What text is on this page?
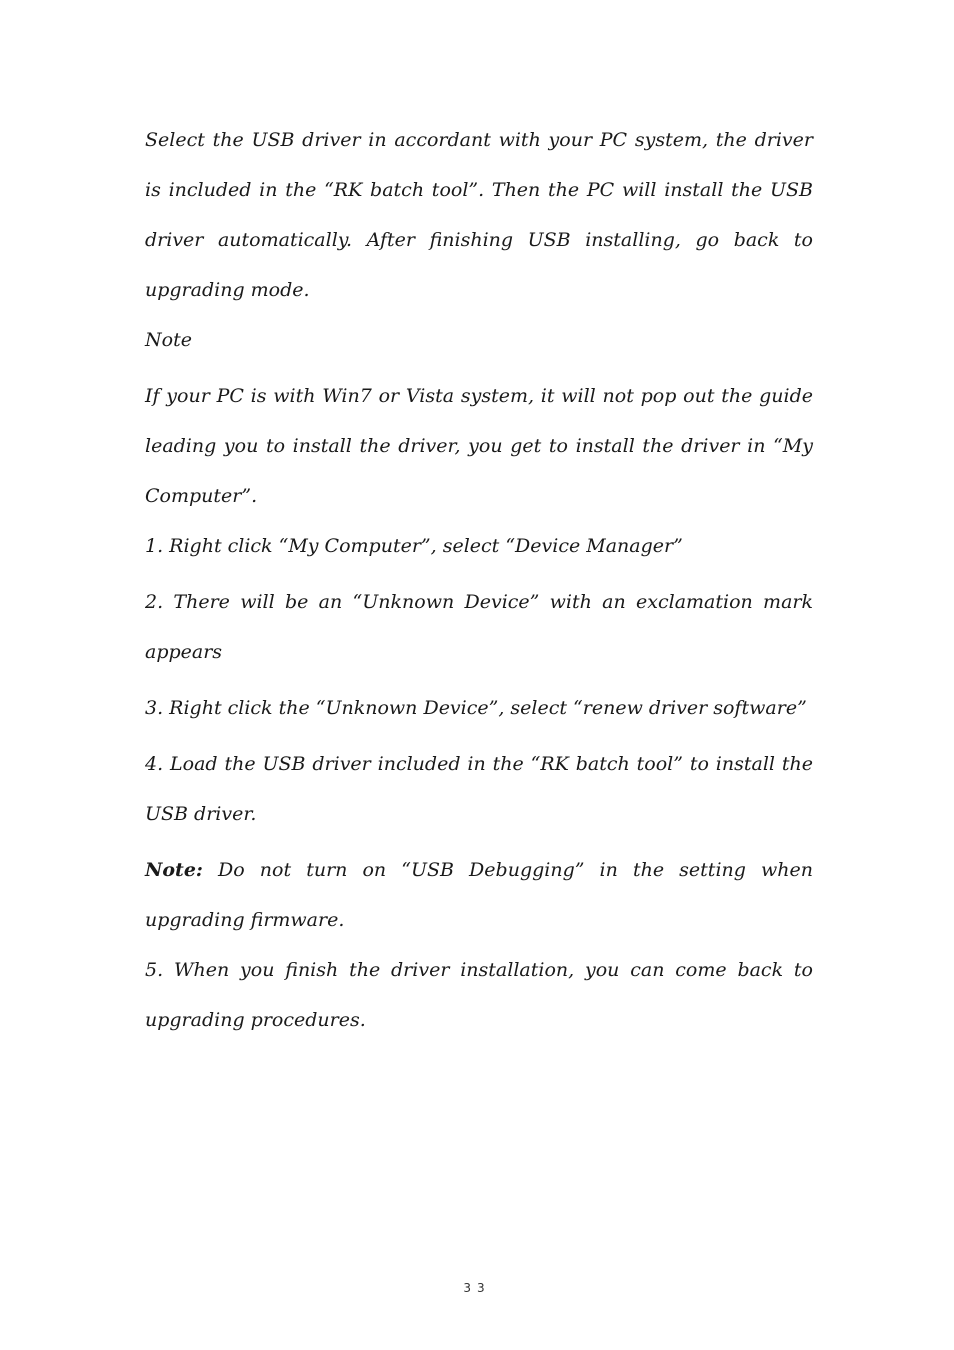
Select the USB driver in accordant with your PC system, the driver is included in the “RK batch tool”. Then the PC will install the USB driver automatically. After finishing USB installing, go back to upgrading mode.

Note

If your PC is with Win7 or Vista system, it will not pop out the guide leading you to install the driver, you get to install the driver in “My Computer”.

1. Right click “My Computer”, select “Device Manager”

2. There will be an “Unknown Device” with an exclamation mark appears

3. Right click the “Unknown Device”, select “renew driver software”

4. Load the USB driver included in the “RK batch tool” to install the USB driver.

Note: Do not turn on “USB Debugging” in the setting when upgrading firmware.

5. When you finish the driver installation, you can come back to upgrading procedures.

33
